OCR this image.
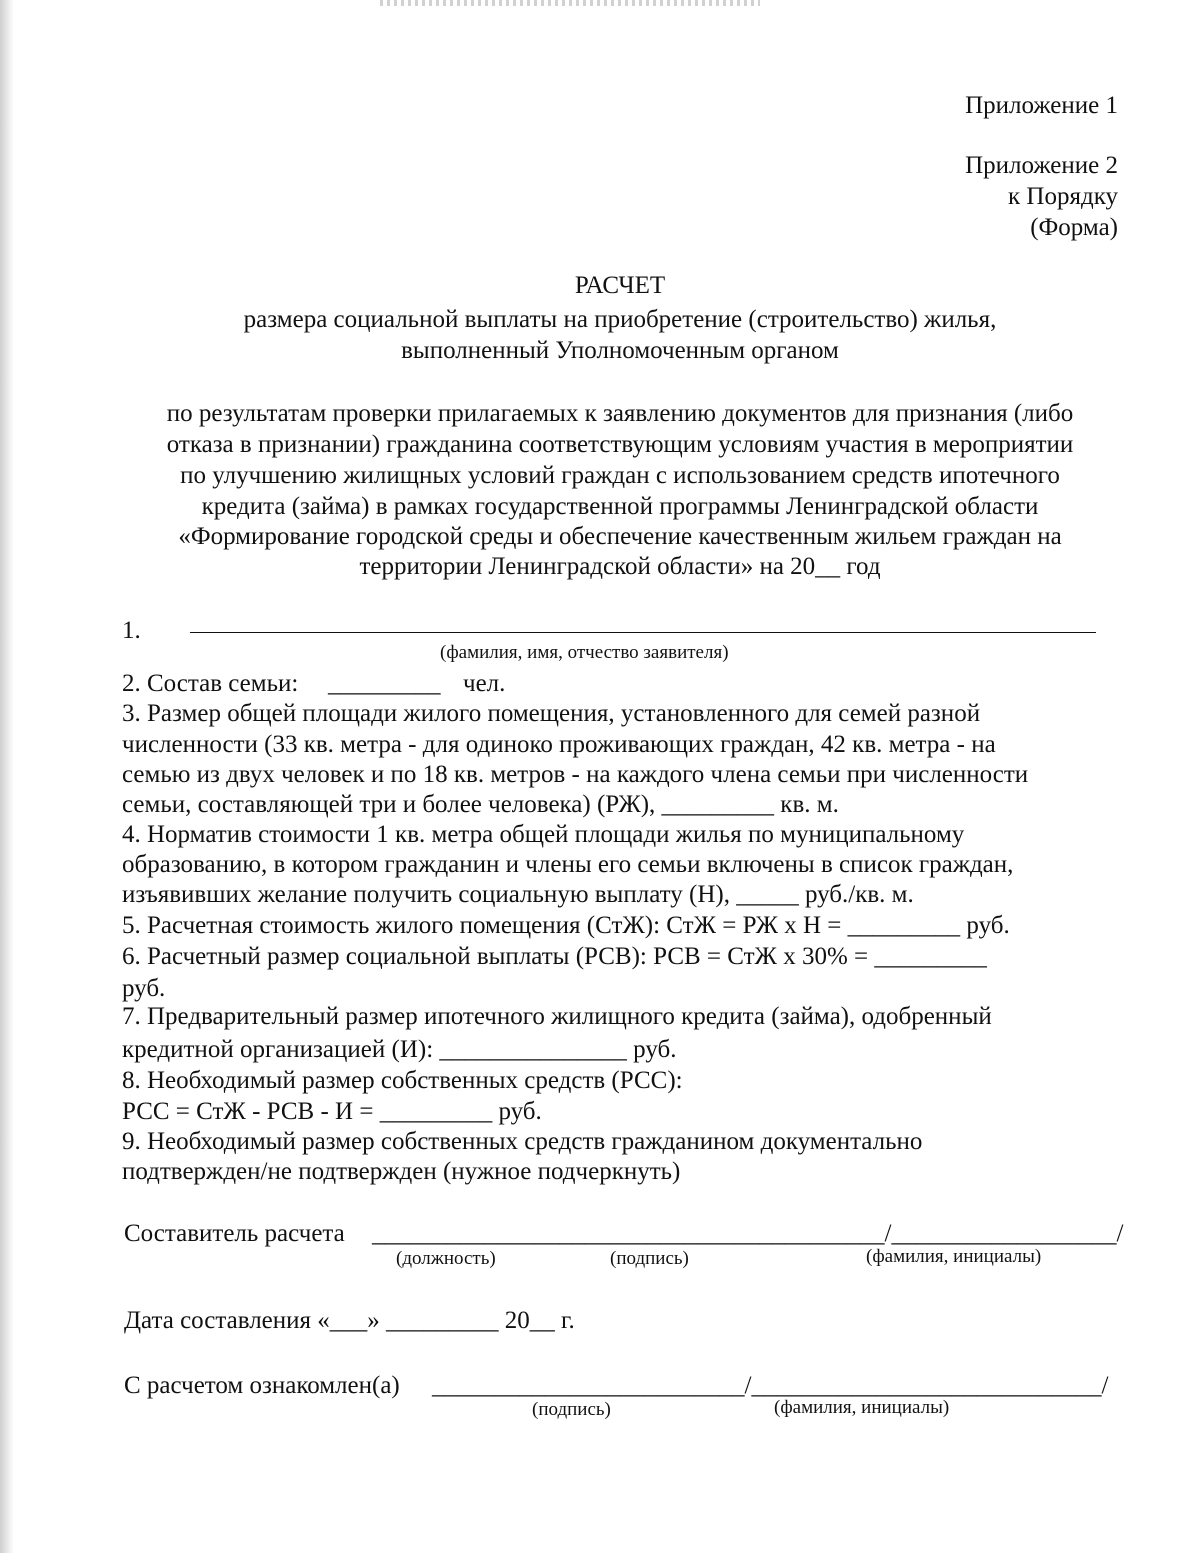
Приложение 1
Приложение 2
к Порядку
(Форма)
РАСЧЕТ
размера социальной выплаты на приобретение (строительство) жилья,
выполненный Уполномоченным органом
по результатам проверки прилагаемых к заявлению документов для признания (либо
отказа в признании) гражданина соответствующим условиям участия в мероприятии
по улучшению жилищных условий граждан с использованием средств ипотечного
кредита (займа) в рамках государственной программы Ленинградской области
«Формирование городской среды и обеспечение качественным жильем граждан на
территории Ленинградской области» на 20__ год
1.
(фамилия, имя, отчество заявителя)
2. Состав семьи: _________ чел.
3. Размер общей площади жилого помещения, установленного для семей разной
численности (33 кв. метра - для одиноко проживающих граждан, 42 кв. метра - на
семью из двух человек и по 18 кв. метров - на каждого члена семьи при численности
семьи, составляющей три и более человека) (РЖ), _________ кв. м.
4. Норматив стоимости 1 кв. метра общей площади жилья по муниципальному
образованию, в котором гражданин и члены его семьи включены в список граждан,
изъявивших желание получить социальную выплату (Н), _____ руб./кв. м.
5. Расчетная стоимость жилого помещения (СтЖ): СтЖ = РЖ x Н = _________ руб.
6. Расчетный размер социальной выплаты (РСВ): РСВ = СтЖ x 30% = _________
руб.
7. Предварительный размер ипотечного жилищного кредита (займа), одобренный
кредитной организацией (И): _______________ руб.
8. Необходимый размер собственных средств (РСС):
РСС = СтЖ - РСВ - И = _________ руб.
9. Необходимый размер собственных средств гражданином документально
подтвержден/не подтвержден (нужное подчеркнуть)
Составитель расчета _________________________________________/__________________/
(должность)	(подпись)	(фамилия, инициалы)
Дата составления «___» _________ 20__ г.
С расчетом ознакомлен(а) _________________________/____________________________/
(подпись)	(фамилия, инициалы)
